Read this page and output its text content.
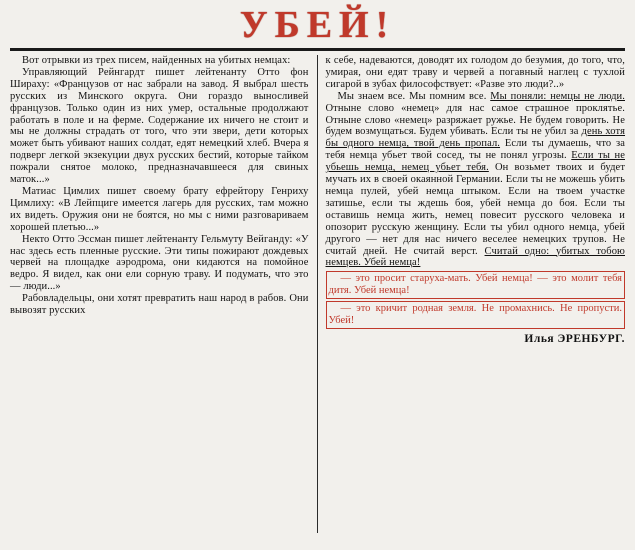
УБЕЙ!

Вот отрывки из трех писем, найденных на убитых немцах:

Управляющий Рейнгардт пишет лейтенанту Отто фон Шираху: «Французов от нас забрали на завод. Я выбрал шесть русских из Минского округа. Они гораздо выносливей французов. Только один из них умер, остальные продолжают работать в поле и на ферме. Содержание их ничего не стоит и мы не должны страдать от того, что эти звери, дети которых может быть убивают наших солдат, едят немецкий хлеб. Вчера я подверг легкой экзекуции двух русских бестий, которые тайком пожрали снятое молоко, предназначавшееся для свиных маток...»

Матиас Цимлих пишет своему брату ефрейтору Генриху Цимлиху: «В Лейпциге имеется лагерь для русских, там можно их видеть. Оружия они не боятся, но мы с ними разговариваем хорошей плетью...»

Некто Отто Эссман пишет лейтенанту Гельмуту Вейганду: «У нас здесь есть пленные русские. Эти типы пожирают дождевых червей на площадке аэродрома, они кидаются на помойное ведро. Я видел, как они ели сорную траву. И подумать, что это — люди...»

Рабовладельцы, они хотят превратить наш народ в рабов. Они вывозят русских

к себе, надеваются, доводят их голодом до безумия, до того, что, умирая, они едят траву и червей а погавный наглец с тухлой сигарой в зубах философствует: «Разве это люди?..»

Мы знаем все. Мы помним все. Мы поняли: немцы не люди. Отныне слово «немец» для нас самое страшное проклятье. Отныне слово «немец» разряжает ружье. Не будем говорить. Не будем возмущаться. Будем убивать. Если ты не убил за день хотя бы одного немца, твой день пропал. Если ты думаешь, что за тебя немца убьет твой сосед, ты не понял угрозы. Если ты не убьешь немца, немец убьет тебя. Он возьмет твоих и будет мучать их в своей окаянной Германии. Если ты не можешь убить немца пулей, убей немца штыком. Если на твоем участке затишье, если ты ждешь боя, убей немца до боя. Если ты оставишь немца жить, немец повесит русского человека и опозорит русскую женщину. Если ты убил одного немца, убей другого — нет для нас ничего веселее немецких трупов. Не считай дней. Не считай верст. Считай одно: убитых тобою немцев. Убей немца!

— это просит старуха-мать. Убей немца! — это молит тебя дитя. Убей немца!
— это кричит родная земля. Не промахнись. Не пропусти. Убей!
Илья ЭРЕНБУРГ.
